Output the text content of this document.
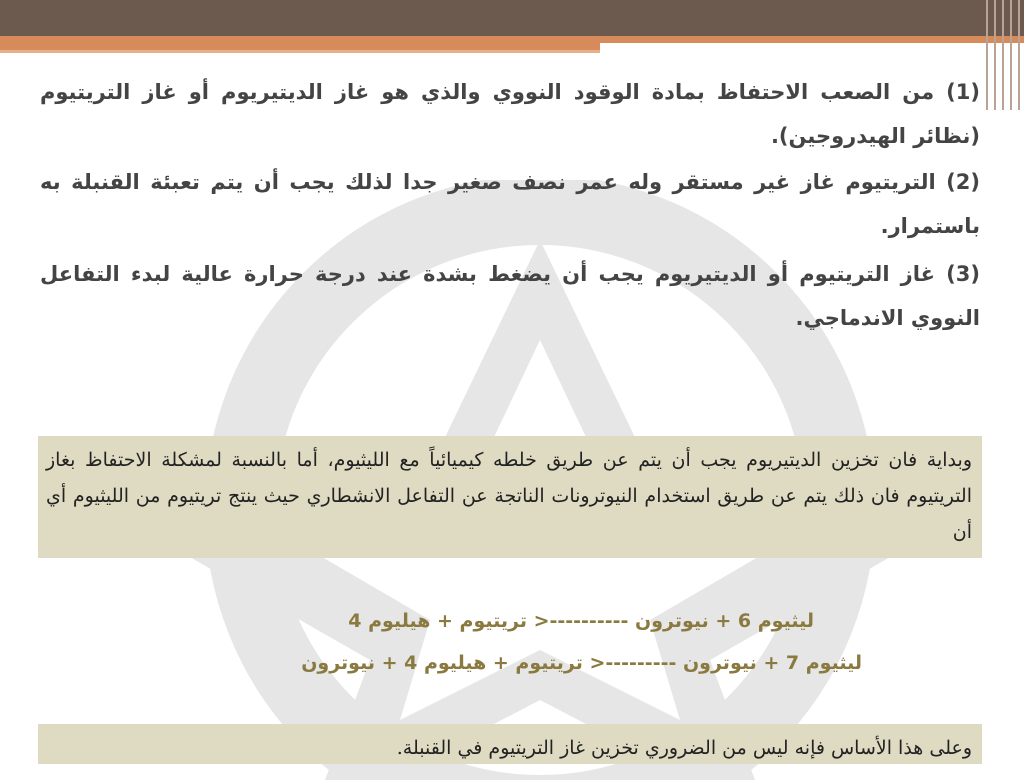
(1) من الصعب الاحتفاظ بمادة الوقود النووي والذي هو غاز الديتيريوم أو غاز التريتيوم (نظائر الهيدروجين).
(2) التريتيوم غاز غير مستقر وله عمر نصف صغير جدا لذلك يجب أن يتم تعبئة القنبلة به باستمرار.
(3) غاز التريتيوم أو الديتيريوم يجب أن يضغط بشدة عند درجة حرارة عالية لبدء التفاعل النووي الاندماجي.
وبداية فان تخزين الديتيريوم يجب أن يتم عن طريق خلطه كيميائياً مع الليثيوم، أما بالنسبة لمشكلة الاحتفاظ بغاز التريتيوم فان ذلك يتم عن طريق استخدام النيوترونات الناتجة عن التفاعل الانشطاري حيث ينتج تريتيوم من الليثيوم أي أن
ليثيوم 6 + نيوترون ----------< تريتيوم + هيليوم 4
ليثيوم 7 + نيوترون ---------< تريتيوم + هيليوم 4 + نيوترون
وعلى هذا الأساس فإنه ليس من الضروري تخزين غاز التريتيوم في القنبلة.
